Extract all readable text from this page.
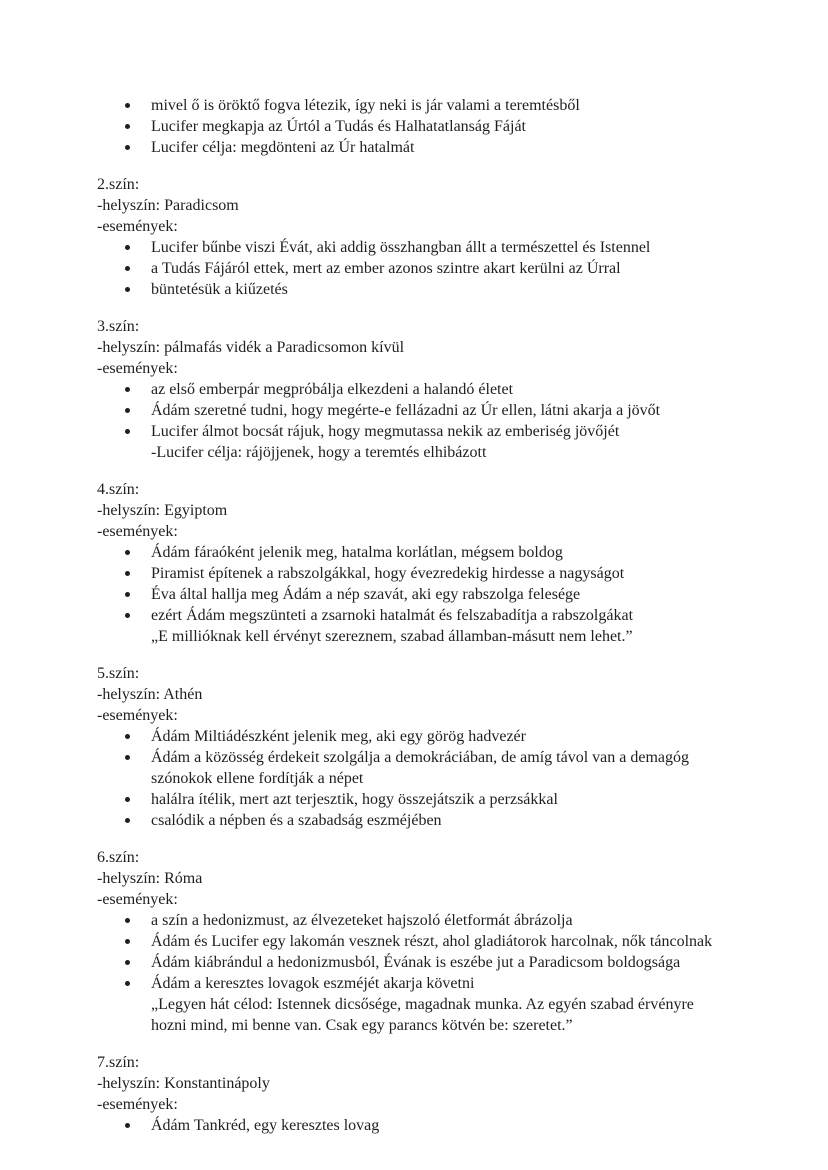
mivel ő is öröktő fogva létezik, így neki is jár valami a teremtésből
Lucifer megkapja az Úrtól a Tudás és Halhatatlanság Fáját
Lucifer célja: megdönteni az Úr hatalmát

2.szín:

-helyszín: Paradicsom

-események:

Lucifer bűnbe viszi Évát, aki addig összhangban állt a természettel és Istennel
a Tudás Fájáról ettek, mert az ember azonos szintre akart kerülni az Úrral
büntetésük a kiűzetés

3.szín:

-helyszín: pálmafás vidék a Paradicsomon kívül

-események:

az első emberpár megpróbálja elkezdeni a halandó életet
Ádám szeretné tudni, hogy megérte-e fellázadni az Úr ellen, látni akarja a jövőt
Lucifer álmot bocsát rájuk, hogy megmutassa nekik az emberiség jövőjét
-Lucifer célja: rájöjjenek, hogy a teremtés elhibázott

4.szín:

-helyszín: Egyiptom

-események:

Ádám fáraóként jelenik meg, hatalma korlátlan, mégsem boldog
Piramist építenek a rabszolgákkal, hogy évezredekig hirdesse a nagyságot
Éva által hallja meg Ádám a nép szavát, aki egy rabszolga felesége
ezért Ádám megszünteti a zsarnoki hatalmát és felszabadítja a rabszolgákat
„E millióknak kell érvényt szereznem, szabad államban-másutt nem lehet.”

5.szín:

-helyszín: Athén

-események:

Ádám Miltiádészként jelenik meg, aki egy görög hadvezér
Ádám a közösség érdekeit szolgálja a demokráciában, de amíg távol van a demagóg
szónokok ellene fordítják a népet
halálra ítélik, mert azt terjesztik, hogy összejátszik a perzsákkal
csalódik a népben és a szabadság eszméjében

6.szín:

-helyszín: Róma

-események:

a szín a hedonizmust, az élvezeteket hajszoló életformát ábrázolja
Ádám és Lucifer egy lakomán vesznek részt, ahol gladiátorok harcolnak, nők táncolnak
Ádám kiábrándul a hedonizmusból, Évának is eszébe jut a Paradicsom boldogsága
Ádám a keresztes lovagok eszméjét akarja követni
„Legyen hát célod: Istennek dicsősége, magadnak munka. Az egyén szabad érvényre
hozni mind, mi benne van. Csak egy parancs kötvén be: szeretet.”

7.szín:

-helyszín: Konstantinápoly

-események:

Ádám Tankréd, egy keresztes lovag
